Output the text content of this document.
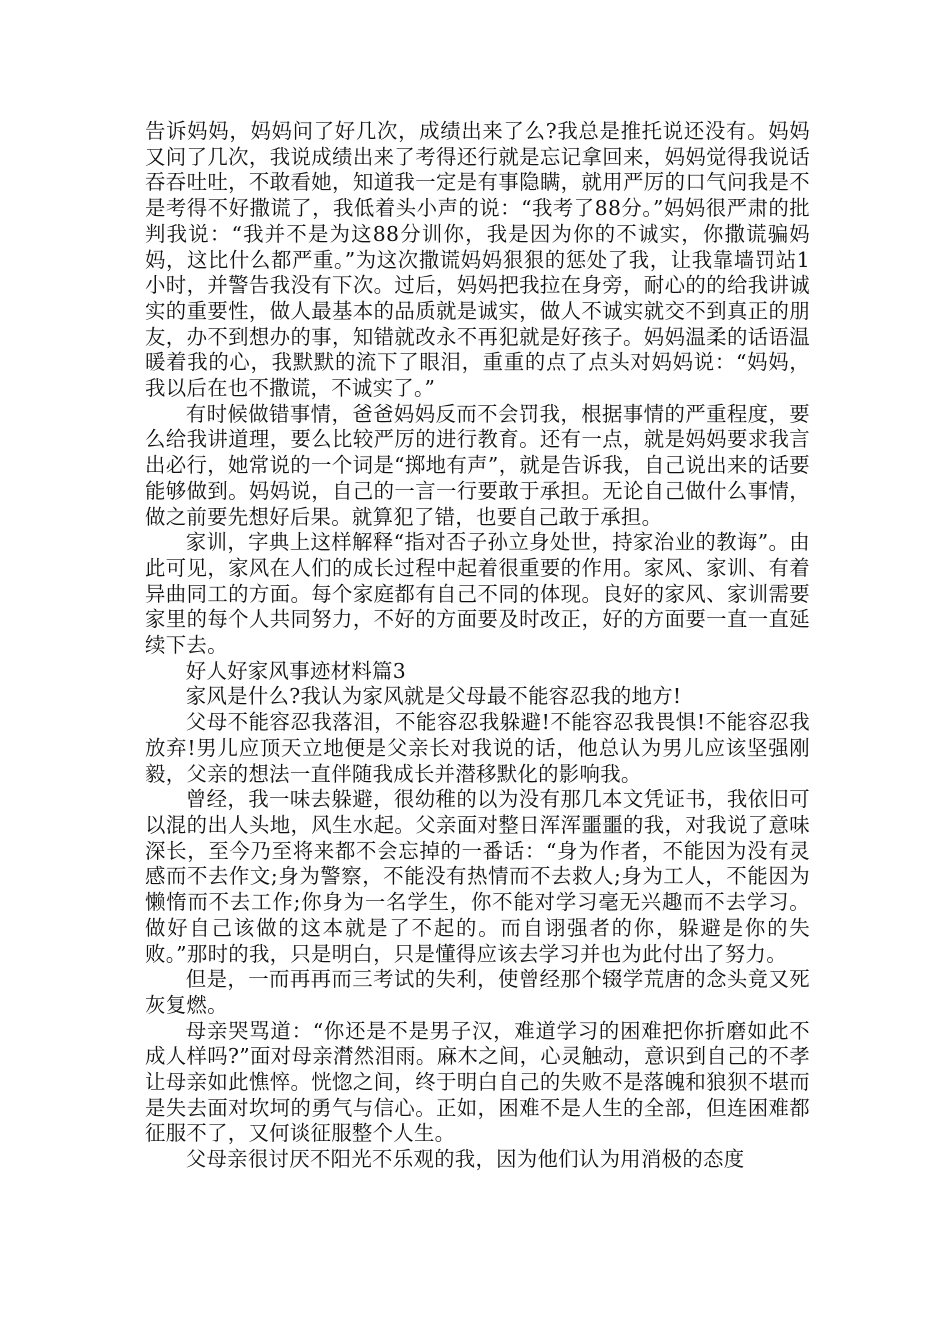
告诉妈妈，妈妈问了好几次，成绩出来了么?我总是推托说还没有。妈妈又问了几次，我说成绩出来了考得还行就是忘记拿回来，妈妈觉得我说话吞吞吐吐，不敢看她，知道我一定是有事隐瞒，就用严厉的口气问我是不是考得不好撒谎了，我低着头小声的说：“我考了88分。”妈妈很严肃的批判我说：“我并不是为这88分训你，我是因为你的不诚实，你撒谎骗妈妈，这比什么都严重。”为这次撒谎妈妈狠狠的惩处了我，让我靠墙罚站1小时，并警告我没有下次。过后，妈妈把我拉在身旁，耐心的的给我讲诚实的重要性，做人最基本的品质就是诚实，做人不诚实就交不到真正的朋友，办不到想办的事，知错就改永不再犯就是好孩子。妈妈温柔的话语温暖着我的心，我默默的流下了眼泪，重重的点了点头对妈妈说：“妈妈，我以后在也不撒谎，不诚实了。”

有时候做错事情，爸爸妈妈反而不会罚我，根据事情的严重程度，要么给我讲道理，要么比较严厉的进行教育。还有一点，就是妈妈要求我言出必行，她常说的一个词是“掷地有声”，就是告诉我，自己说出来的话要能够做到。妈妈说，自己的一言一行要敢于承担。无论自己做什么事情，做之前要先想好后果。就算犯了错，也要自己敢于承担。

家训，字典上这样解释“指对否子孙立身处世，持家治业的教诲”。由此可见，家风在人们的成长过程中起着很重要的作用。家风、家训、有着异曲同工的方面。每个家庭都有自己不同的体现。良好的家风、家训需要家里的每个人共同努力，不好的方面要及时改正，好的方面要一直一直延续下去。

好人好家风事迹材料篇3

家风是什么?我认为家风就是父母最不能容忍我的地方!

父母不能容忍我落泪，不能容忍我躲避!不能容忍我畏惧!不能容忍我放弃!男儿应顶天立地便是父亲长对我说的话，他总认为男儿应该坚强刚毅，父亲的想法一直伴随我成长并潜移默化的影响我。

曾经，我一味去躲避，很幼稚的以为没有那几本文凭证书，我依旧可以混的出人头地，风生水起。父亲面对整日浑浑噩噩的我，对我说了意味深长，至今乃至将来都不会忘掉的一番话：“身为作者，不能因为没有灵感而不去作文;身为警察，不能没有热情而不去救人;身为工人，不能因为懒惰而不去工作;你身为一名学生，你不能对学习毫无兴趣而不去学习。做好自己该做的这本就是了不起的。而自诩强者的你，躲避是你的失败。”那时的我，只是明白，只是懂得应该去学习并也为此付出了努力。

但是，一而再再而三考试的失利，使曾经那个辍学荒唐的念头竟又死灰复燃。

母亲哭骂道：“你还是不是男子汉，难道学习的困难把你折磨如此不成人样吗?”面对母亲潸然泪雨。麻木之间，心灵触动，意识到自己的不孝让母亲如此憔悴。恍惚之间，终于明白自己的失败不是落魄和狼狈不堪而是失去面对坎坷的勇气与信心。正如，困难不是人生的全部，但连困难都征服不了，又何谈征服整个人生。

父母亲很讨厌不阳光不乐观的我，因为他们认为用消极的态度
